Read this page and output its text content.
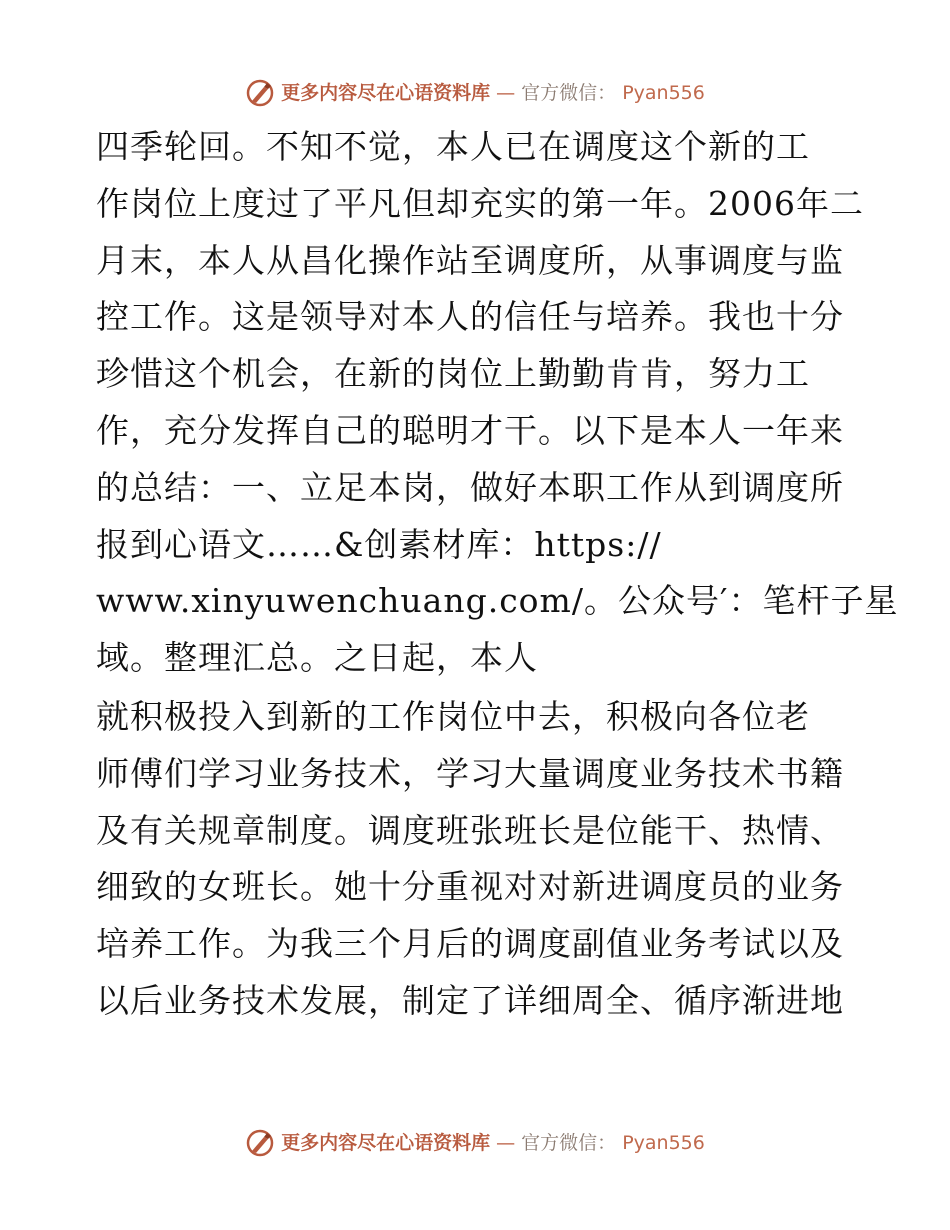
更多内容尽在心语资料库 — 官方微信： Pyan556
四季轮回。不知不觉，本人已在调度这个新的工
作岗位上度过了平凡但却充实的第一年。2006年二
月末，本人从昌化操作站至调度所，从事调度与监
控工作。这是领导对本人的信任与培养。我也十分
珍惜这个机会，在新的岗位上勤勤肯肯，努力工
作，充分发挥自己的聪明才干。以下是本人一年来
的总结：一、立足本岗，做好本职工作从到调度所
报到心语文……&创素材库：https://
www.xinyuwenchuang.com/。公众号′：笔杆子星
域。整理汇总。之日起，本人
就积极投入到新的工作岗位中去，积极向各位老
师傅们学习业务技术，学习大量调度业务技术书籍
及有关规章制度。调度班张班长是位能干、热情、
细致的女班长。她十分重视对对新进调度员的业务
培养工作。为我三个月后的调度副值业务考试以及
以后业务技术发展，制定了详细周全、循序渐进地
更多内容尽在心语资料库 — 官方微信： Pyan556
